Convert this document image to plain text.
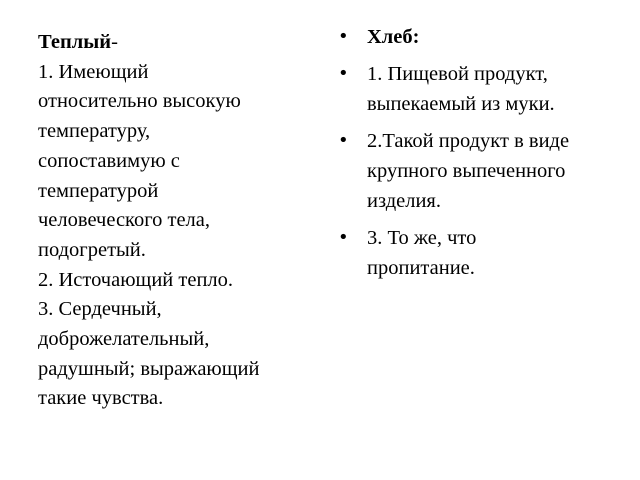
Теплый-
1. Имеющий
относительно высокую
температуру,
сопоставимую с
температурой
человеческого тела,
подогретый.
2. Источающий тепло.
3. Сердечный,
доброжелательный,
радушный; выражающий
такие чувства.
• Хлеб:
• 1. Пищевой продукт,
выпекаемый из муки.
• 2.Такой продукт в виде
крупного выпеченного
изделия.
• 3. То же, что
пропитание.
